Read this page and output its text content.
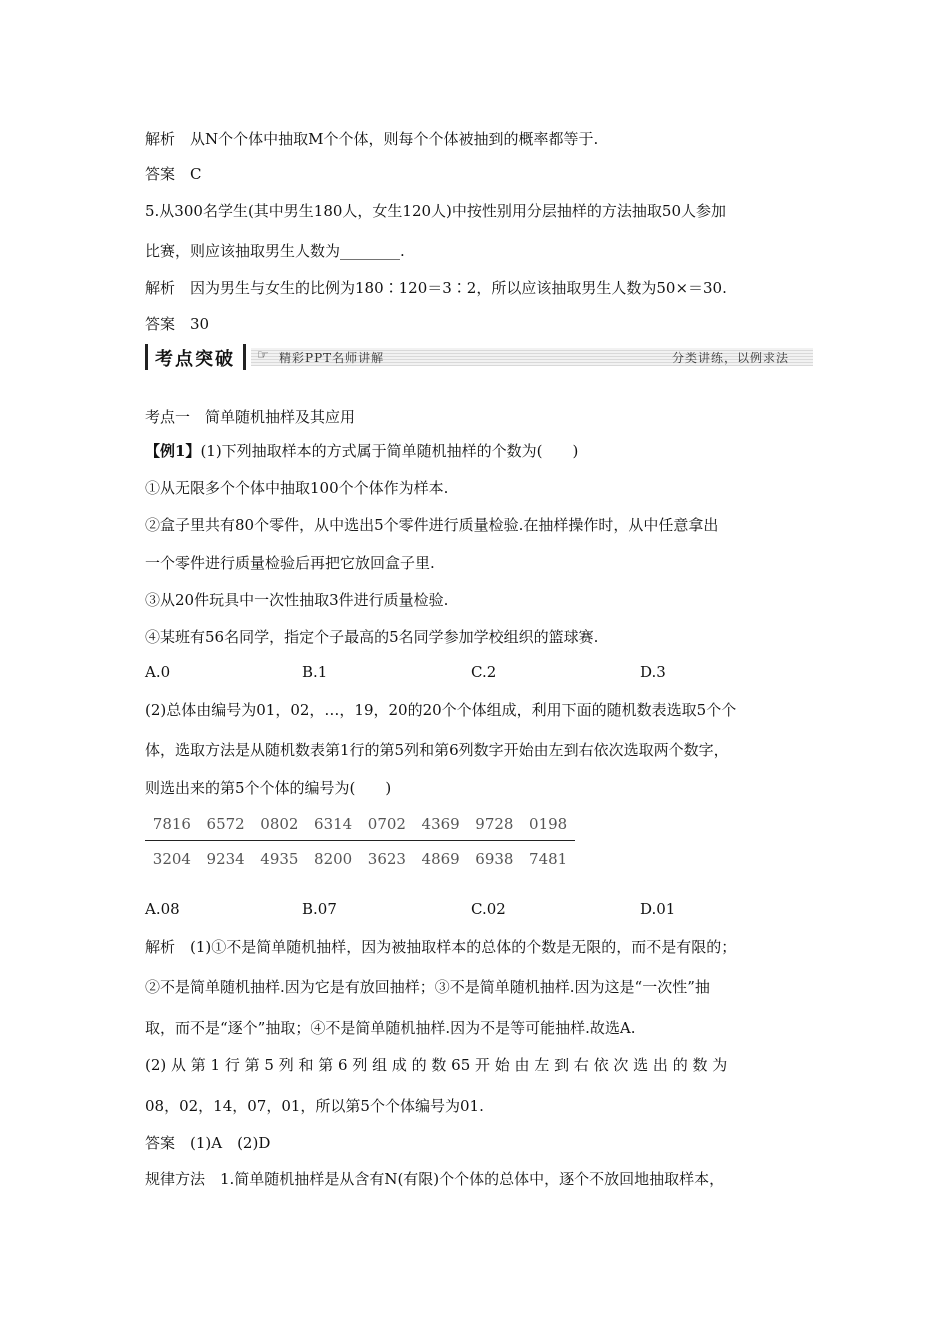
解析　从N个个体中抽取M个个体，则每个个体被抽到的概率都等于.
答案　C
5.从300名学生(其中男生180人，女生120人)中按性别用分层抽样的方法抽取50人参加
比赛，则应该抽取男生人数为________.
解析　因为男生与女生的比例为180∶120＝3∶2，所以应该抽取男生人数为50×＝30.
答案　30
考点突破 ☞ 精彩PPT名师讲解	分类讲练，以例求法
考点一　简单随机抽样及其应用
【例1】(1)下列抽取样本的方式属于简单随机抽样的个数为(　　)
①从无限多个个体中抽取100个个体作为样本.
②盒子里共有80个零件，从中选出5个零件进行质量检验.在抽样操作时，从中任意拿出
一个零件进行质量检验后再把它放回盒子里.
③从20件玩具中一次性抽取3件进行质量检验.
④某班有56名同学，指定个子最高的5名同学参加学校组织的篮球赛.
A.0	B.1	C.2	D.3
(2)总体由编号为01，02，…，19，20的20个个体组成，利用下面的随机数表选取5个个
体，选取方法是从随机数表第1行的第5列和第6列数字开始由左到右依次选取两个数字，
则选出来的第5个个体的编号为(　　)
7816	6572	0802	6314	0702	4369	9728	0198
3204	9234	4935	8200	3623	4869	6938	7481
A.08	B.07	C.02	D.01
解析　(1)①不是简单随机抽样，因为被抽取样本的总体的个数是无限的，而不是有限的；
②不是简单随机抽样.因为它是有放回抽样；③不是简单随机抽样.因为这是“一次性”抽
取，而不是“逐个”抽取；④不是简单随机抽样.因为不是等可能抽样.故选A.
(2) 从 第 1 行 第 5 列 和 第 6 列 组 成 的 数 65 开 始 由 左 到 右 依 次 选 出 的 数 为
08，02，14，07，01，所以第5个个体编号为01.
答案　(1)A　(2)D
规律方法　1.简单随机抽样是从含有N(有限)个个体的总体中，逐个不放回地抽取样本，
